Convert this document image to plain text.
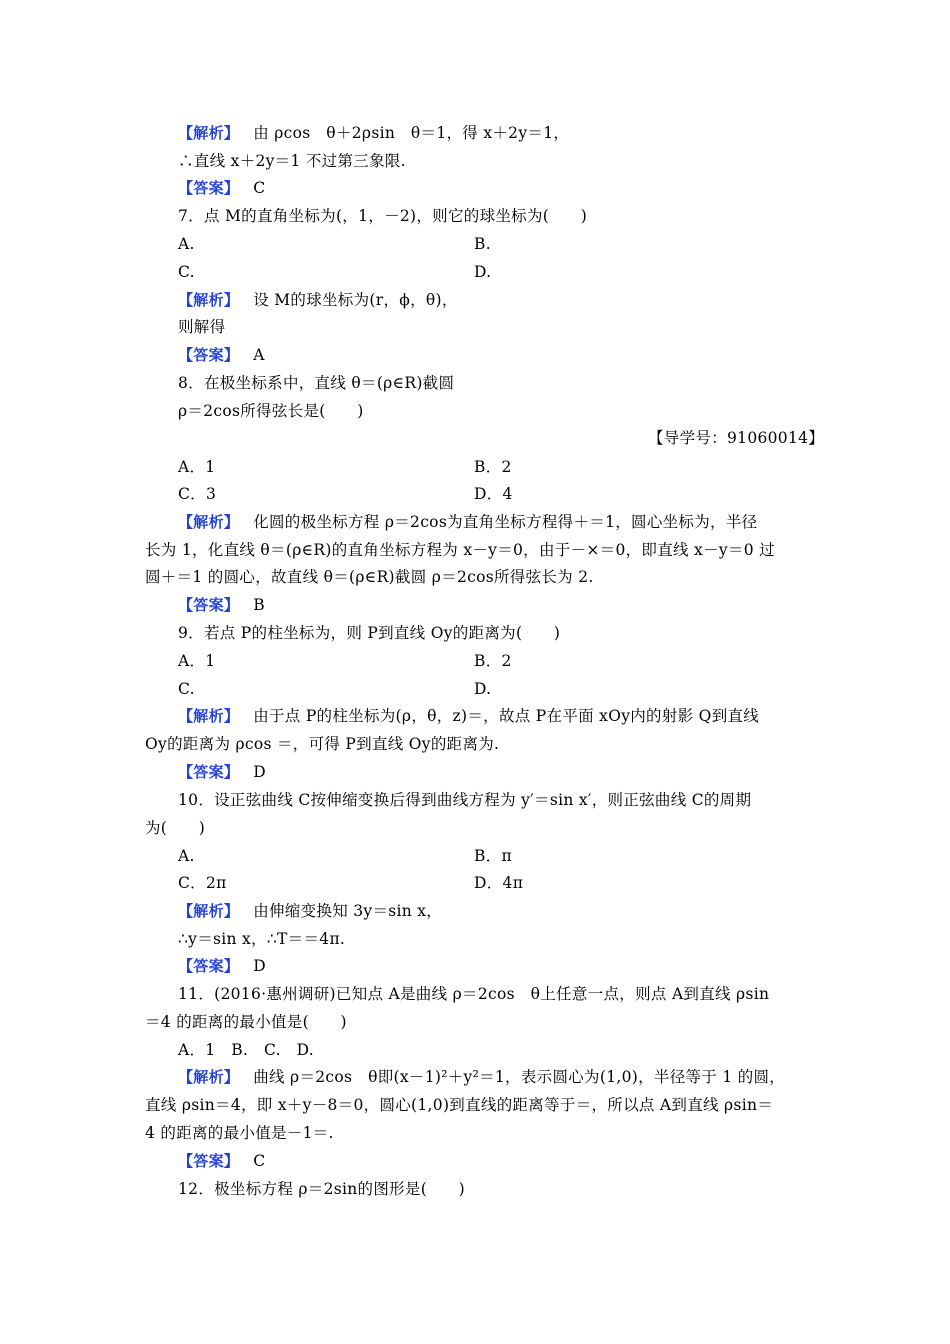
【解析】 由 ρcos　θ＋2ρsin　θ＝1，得 x＋2y＝1，
∴直线 x＋2y＝1 不过第三象限.
【答案】 C
7．点 M的直角坐标为(，1，－2)，则它的球坐标为(　　)
A.	B.
C.	D.
【解析】 设 M的球坐标为(r，ϕ，θ)，
则解得
【答案】 A
8．在极坐标系中，直线 θ＝(ρ∈R)截圆
ρ＝2cos所得弦长是(　　)
【导学号：91060014】
A．1	B．2
C．3	D．4
【解析】 化圆的极坐标方程 ρ＝2cos为直角坐标方程得＋＝1，圆心坐标为，半径
长为 1，化直线 θ＝(ρ∈R)的直角坐标方程为 x－y＝0，由于－×＝0，即直线 x－y＝0 过
圆＋＝1 的圆心，故直线 θ＝(ρ∈R)截圆 ρ＝2cos所得弦长为 2.
【答案】 B
9．若点 P的柱坐标为，则 P到直线 Oy的距离为(　　)
A．1	B．2
C.	D.
【解析】 由于点 P的柱坐标为(ρ，θ，z)＝，故点 P在平面 xOy内的射影 Q到直线
Oy的距离为 ρcos ＝，可得 P到直线 Oy的距离为.
【答案】 D
10．设正弦曲线 C按伸缩变换后得到曲线方程为 y′＝sin x′，则正弦曲线 C的周期
为(　　)
A.	B．π
C．2π	D．4π
【解析】 由伸缩变换知 3y＝sin x，
∴y＝sin x，∴T＝＝4π.
【答案】 D
11．(2016·惠州调研)已知点 A是曲线 ρ＝2cos　θ上任意一点，则点 A到直线 ρsin
＝4 的距离的最小值是(　　)
A．1　B.　C.　D.
【解析】 曲线 ρ＝2cos　θ即(x－1)²＋y²＝1，表示圆心为(1,0)，半径等于 1 的圆，
直线 ρsin＝4，即 x＋y－8＝0，圆心(1,0)到直线的距离等于＝，所以点 A到直线 ρsin＝
4 的距离的最小值是－1＝.
【答案】 C
12．极坐标方程 ρ＝2sin的图形是(　　)
